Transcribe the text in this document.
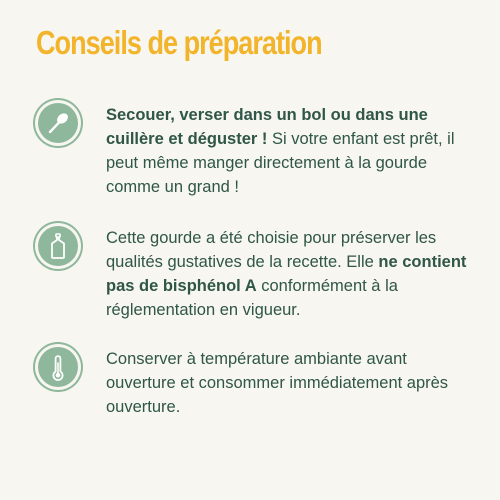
Conseils de préparation

Secouer, verser dans un bol ou dans une cuillère et déguster ! Si votre enfant est prêt, il peut même manger directement à la gourde comme un grand !

Cette gourde a été choisie pour préserver les qualités gustatives de la recette. Elle ne contient pas de bisphénol A conformément à la réglementation en vigueur.

Conserver à température ambiante avant ouverture et consommer immédiatement après ouverture.
